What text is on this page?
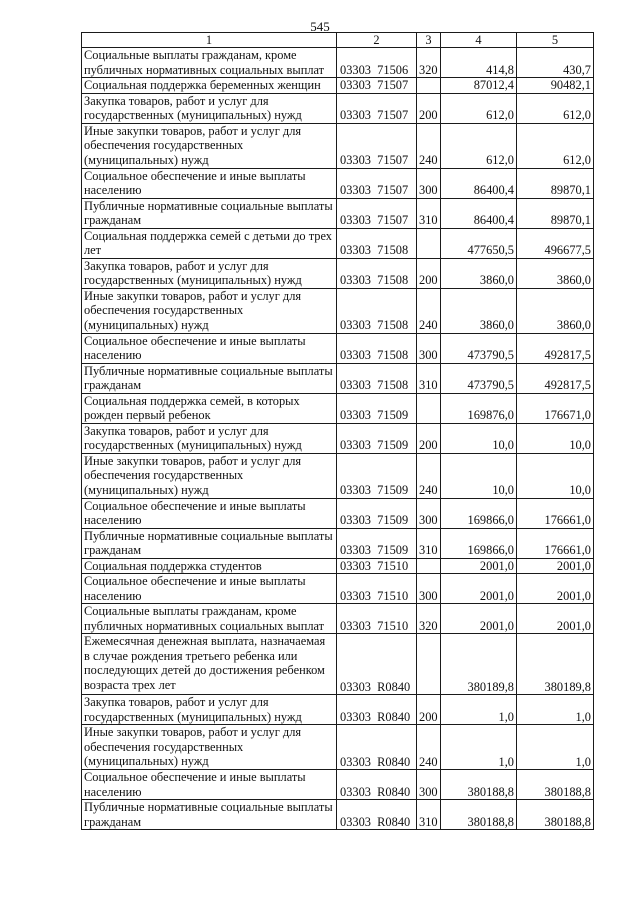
545
1	2	3	4	5
Социальные выплаты гражданам, кроме публичных нормативных социальных выплат	03303  71506	320	414,8	430,7
Социальная поддержка беременных женщин	03303  71507		87012,4	90482,1
Закупка товаров, работ и услуг для государственных (муниципальных) нужд	03303  71507	200	612,0	612,0
Иные закупки товаров, работ и услуг для обеспечения государственных (муниципальных) нужд	03303  71507	240	612,0	612,0
Социальное обеспечение и иные выплаты населению	03303  71507	300	86400,4	89870,1
Публичные нормативные социальные выплаты гражданам	03303  71507	310	86400,4	89870,1
Социальная поддержка семей с детьми до трех лет	03303  71508		477650,5	496677,5
Закупка товаров, работ и услуг для государственных (муниципальных) нужд	03303  71508	200	3860,0	3860,0
Иные закупки товаров, работ и услуг для обеспечения государственных (муниципальных) нужд	03303  71508	240	3860,0	3860,0
Социальное обеспечение и иные выплаты населению	03303  71508	300	473790,5	492817,5
Публичные нормативные социальные выплаты гражданам	03303  71508	310	473790,5	492817,5
Социальная поддержка семей, в которых рожден первый ребенок	03303  71509		169876,0	176671,0
Закупка товаров, работ и услуг для государственных (муниципальных) нужд	03303  71509	200	10,0	10,0
Иные закупки товаров, работ и услуг для обеспечения государственных (муниципальных) нужд	03303  71509	240	10,0	10,0
Социальное обеспечение и иные выплаты населению	03303  71509	300	169866,0	176661,0
Публичные нормативные социальные выплаты гражданам	03303  71509	310	169866,0	176661,0
Социальная поддержка студентов	03303  71510		2001,0	2001,0
Социальное обеспечение и иные выплаты населению	03303  71510	300	2001,0	2001,0
Социальные выплаты гражданам, кроме публичных нормативных социальных выплат	03303  71510	320	2001,0	2001,0
Ежемесячная денежная выплата, назначаемая в случае рождения третьего ребенка или последующих детей до достижения ребенком возраста трех лет	03303  R0840		380189,8	380189,8
Закупка товаров, работ и услуг для государственных (муниципальных) нужд	03303  R0840	200	1,0	1,0
Иные закупки товаров, работ и услуг для обеспечения государственных (муниципальных) нужд	03303  R0840	240	1,0	1,0
Социальное обеспечение и иные выплаты населению	03303  R0840	300	380188,8	380188,8
Публичные нормативные социальные выплаты гражданам	03303  R0840	310	380188,8	380188,8
